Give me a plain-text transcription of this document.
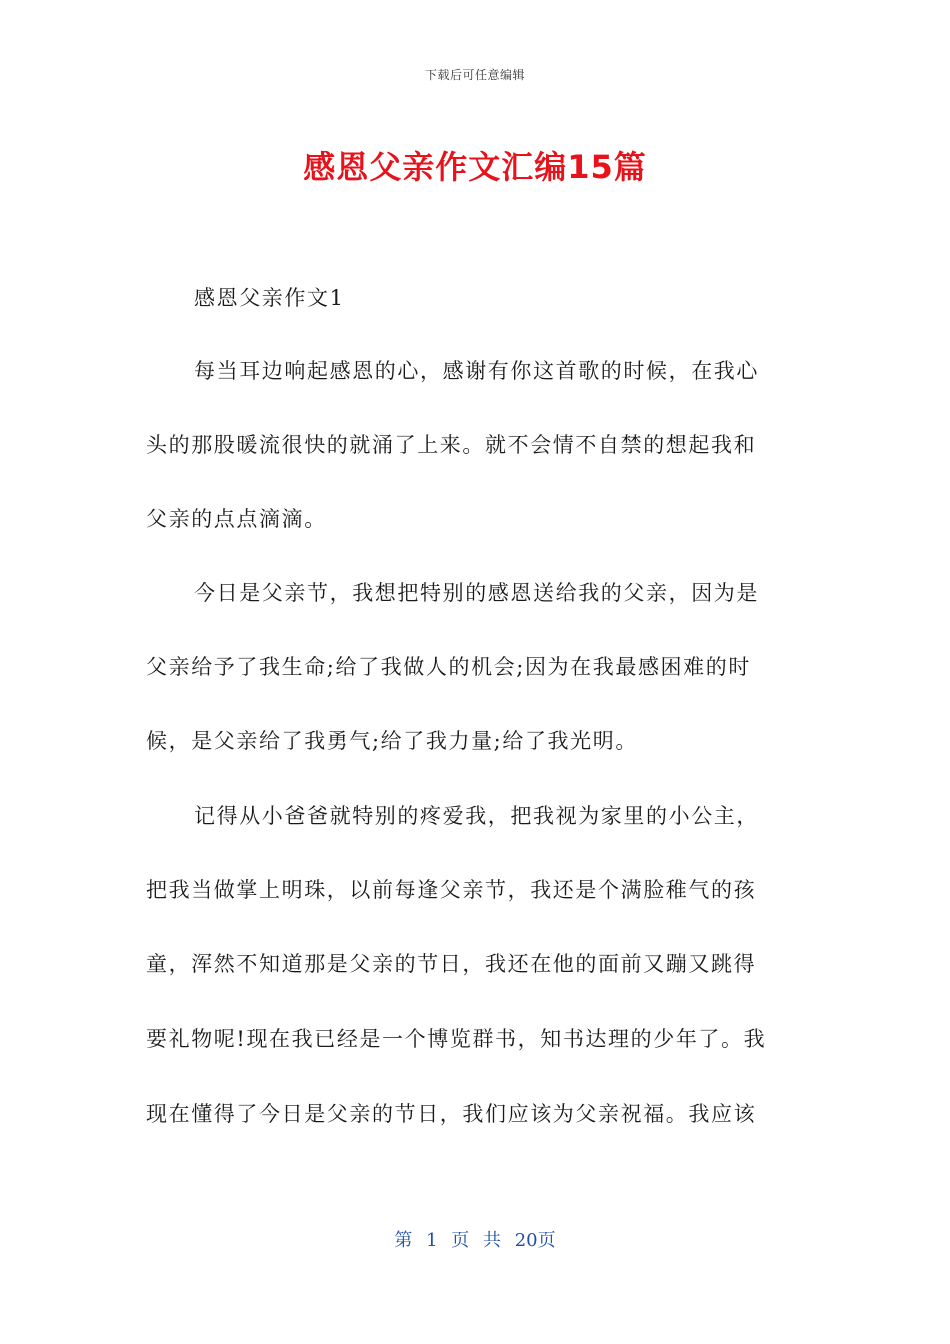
下载后可任意编辑
感恩父亲作文汇编15篇
感恩父亲作文1
每当耳边响起感恩的心，感谢有你这首歌的时候，在我心
头的那股暖流很快的就涌了上来。就不会情不自禁的想起我和
父亲的点点滴滴。
今日是父亲节，我想把特别的感恩送给我的父亲，因为是
父亲给予了我生命;给了我做人的机会;因为在我最感困难的时
候，是父亲给了我勇气;给了我力量;给了我光明。
记得从小爸爸就特别的疼爱我，把我视为家里的小公主，
把我当做掌上明珠，以前每逢父亲节，我还是个满脸稚气的孩
童，浑然不知道那是父亲的节日，我还在他的面前又蹦又跳得
要礼物呢!现在我已经是一个博览群书，知书达理的少年了。我
现在懂得了今日是父亲的节日，我们应该为父亲祝福。我应该
第 1 页 共 20页
